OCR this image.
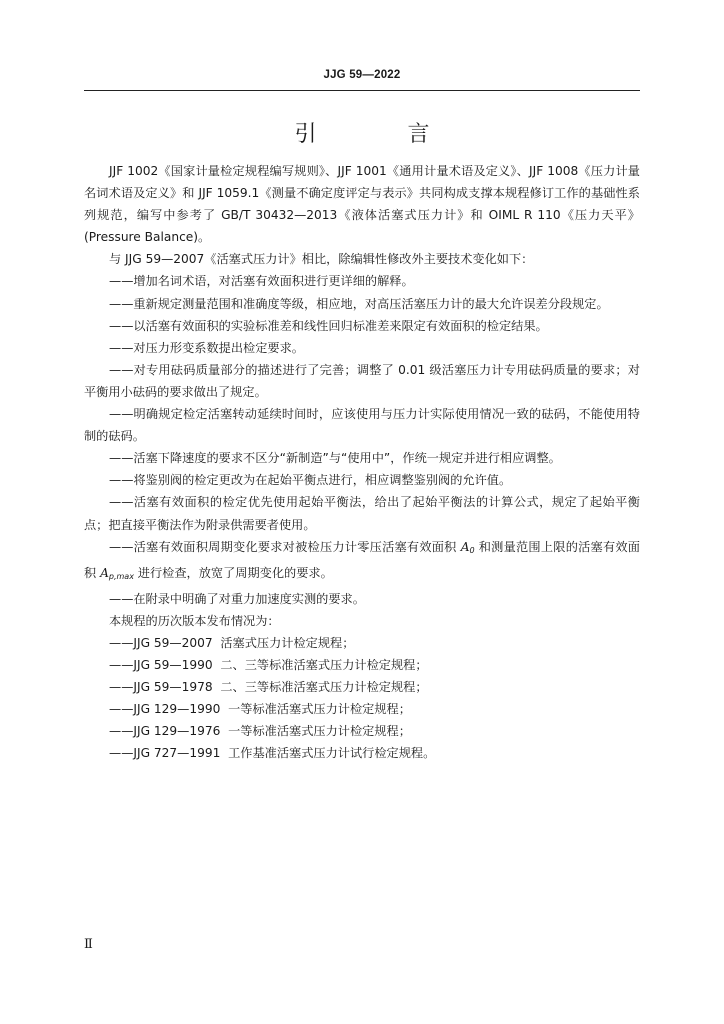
JJG 59—2022
引 言

JJF 1002《国家计量检定规程编写规则》、JJF 1001《通用计量术语及定义》、JJF 1008《压力计量名词术语及定义》和 JJF 1059.1《测量不确定度评定与表示》共同构成支撑本规程修订工作的基础性系列规范，编写中参考了 GB/T 30432—2013《液体活塞式压力计》和 OIML R 110《压力天平》(Pressure Balance)。

与 JJG 59—2007《活塞式压力计》相比，除编辑性修改外主要技术变化如下：

——增加名词术语，对活塞有效面积进行更详细的解释。

——重新规定测量范围和准确度等级，相应地，对高压活塞压力计的最大允许误差分段规定。

——以活塞有效面积的实验标准差和线性回归标准差来限定有效面积的检定结果。

——对压力形变系数提出检定要求。

——对专用砝码质量部分的描述进行了完善；调整了 0.01 级活塞压力计专用砝码质量的要求；对平衡用小砝码的要求做出了规定。

——明确规定检定活塞转动延续时间时，应该使用与压力计实际使用情况一致的砝码，不能使用特制的砝码。

——活塞下降速度的要求不区分“新制造”与“使用中”，作统一规定并进行相应调整。

——将鉴别阀的检定更改为在起始平衡点进行，相应调整鉴别阀的允许值。

——活塞有效面积的检定优先使用起始平衡法，给出了起始平衡法的计算公式，规定了起始平衡点；把直接平衡法作为附录供需要者使用。

——活塞有效面积周期变化要求对被检压力计零压活塞有效面积 $A_0$ 和测量范围上限的活塞有效面积 $A_{p,max}$ 进行检查，放宽了周期变化的要求。

——在附录中明确了对重力加速度实测的要求。

本规程的历次版本发布情况为：

——JJG 59—2007  活塞式压力计检定规程；

——JJG 59—1990  二、三等标准活塞式压力计检定规程；

——JJG 59—1978  二、三等标准活塞式压力计检定规程；

——JJG 129—1990  一等标准活塞式压力计检定规程；

——JJG 129—1976  一等标准活塞式压力计检定规程；

——JJG 727—1991  工作基准活塞式压力计试行检定规程。

Ⅱ
